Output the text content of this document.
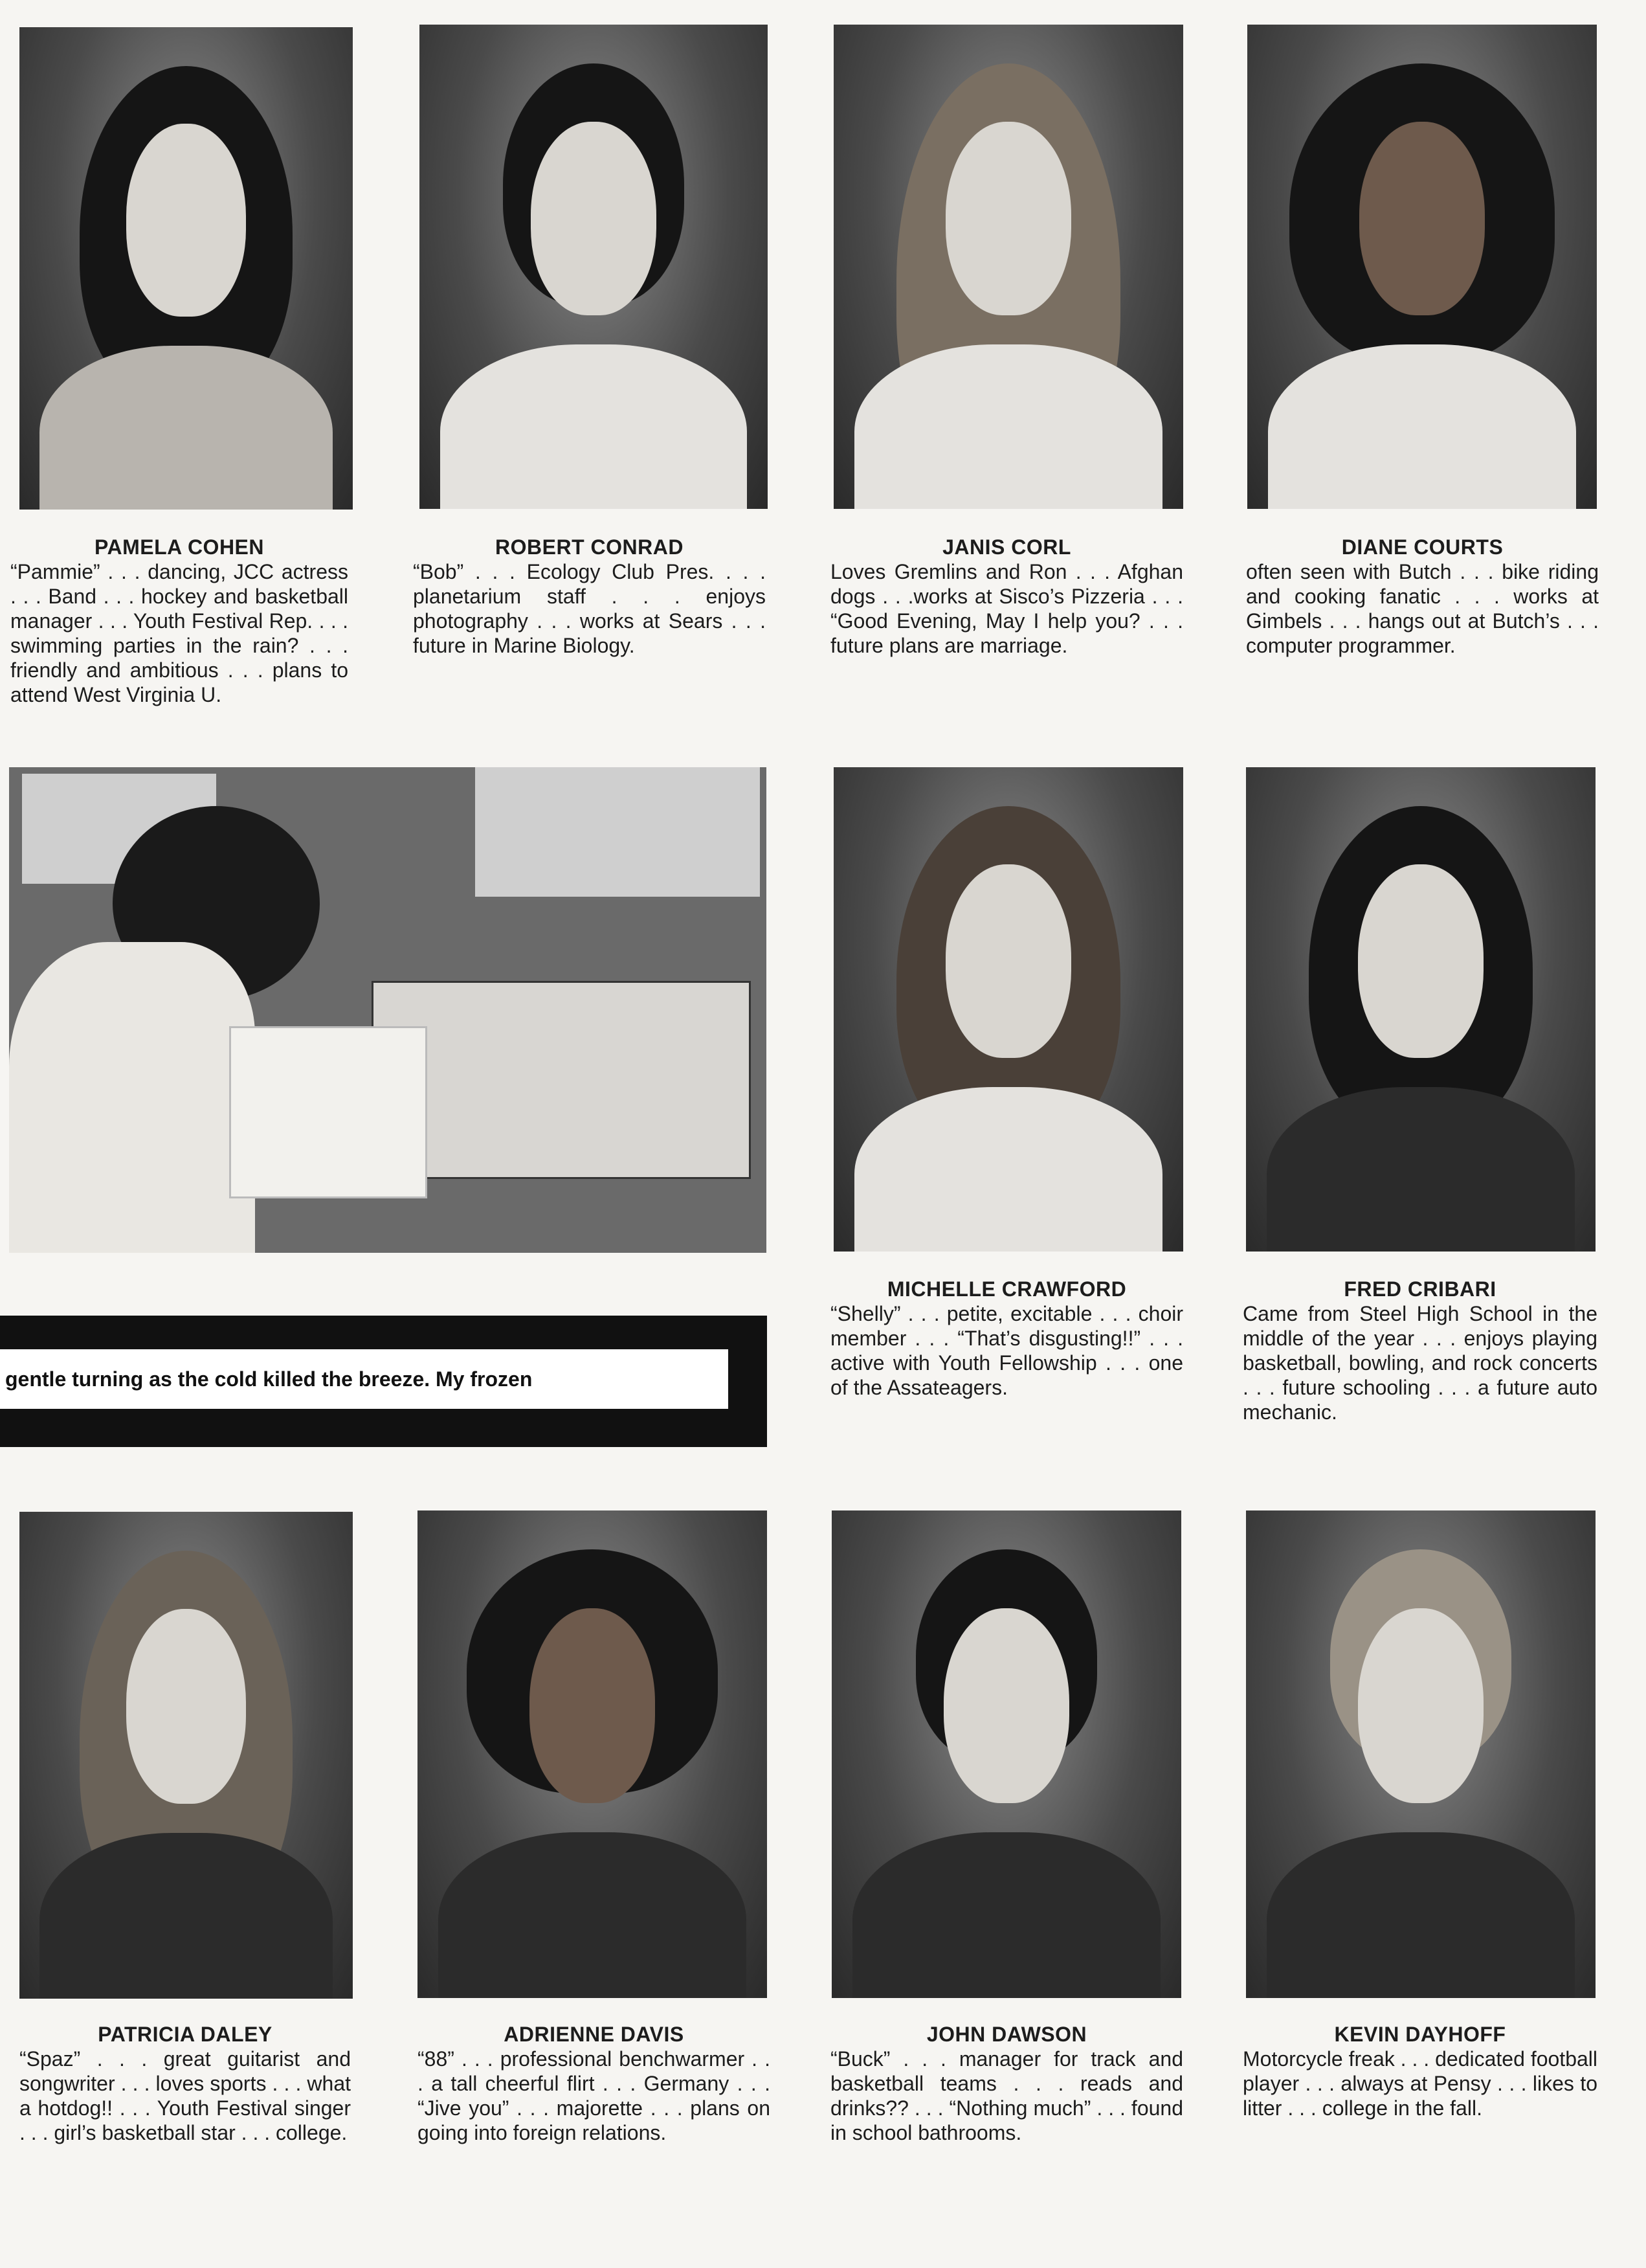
PAMELA COHEN
“Pammie” . . . dancing, JCC actress . . . Band . . . hockey and basketball manager . . . Youth Festival Rep. . . . swimming parties in the rain? . . . friendly and ambitious . . . plans to attend West Virginia U.
ROBERT CONRAD
“Bob” . . . Ecology Club Pres. . . . planetarium staff . . . enjoys photography . . . works at Sears . . . future in Marine Biology.
JANIS CORL
Loves Gremlins and Ron . . . Afghan dogs . . .works at Sisco’s Pizzeria . . . “Good Evening, May I help you? . . . future plans are marriage.
DIANE COURTS
often seen with Butch . . . bike riding and cooking fanatic . . . works at Gimbels . . . hangs out at Butch’s . . . computer programmer.
MICHELLE CRAWFORD
“Shelly” . . . petite, excitable . . . choir member . . . “That’s disgusting!!” . . . active with Youth Fellowship . . . one of the Assateagers.
FRED CRIBARI
Came from Steel High School in the middle of the year . . . enjoys playing basketball, bowling, and rock concerts . . . future schooling . . . a future auto mechanic.
gentle turning as the cold killed the breeze. My frozen
PATRICIA DALEY
“Spaz” . . . great guitarist and songwriter . . . loves sports . . . what a hotdog!! . . . Youth Festival singer . . . girl’s basketball star . . . college.
ADRIENNE DAVIS
“88” . . . professional benchwarmer . . . a tall cheerful flirt . . . Germany . . . “Jive you” . . . majorette . . . plans on going into foreign relations.
JOHN DAWSON
“Buck” . . . manager for track and basketball teams . . . reads and drinks?? . . . “Nothing much” . . . found in school bathrooms.
KEVIN DAYHOFF
Motorcycle freak . . . dedicated football player . . . always at Pensy . . . likes to litter . . . college in the fall.
